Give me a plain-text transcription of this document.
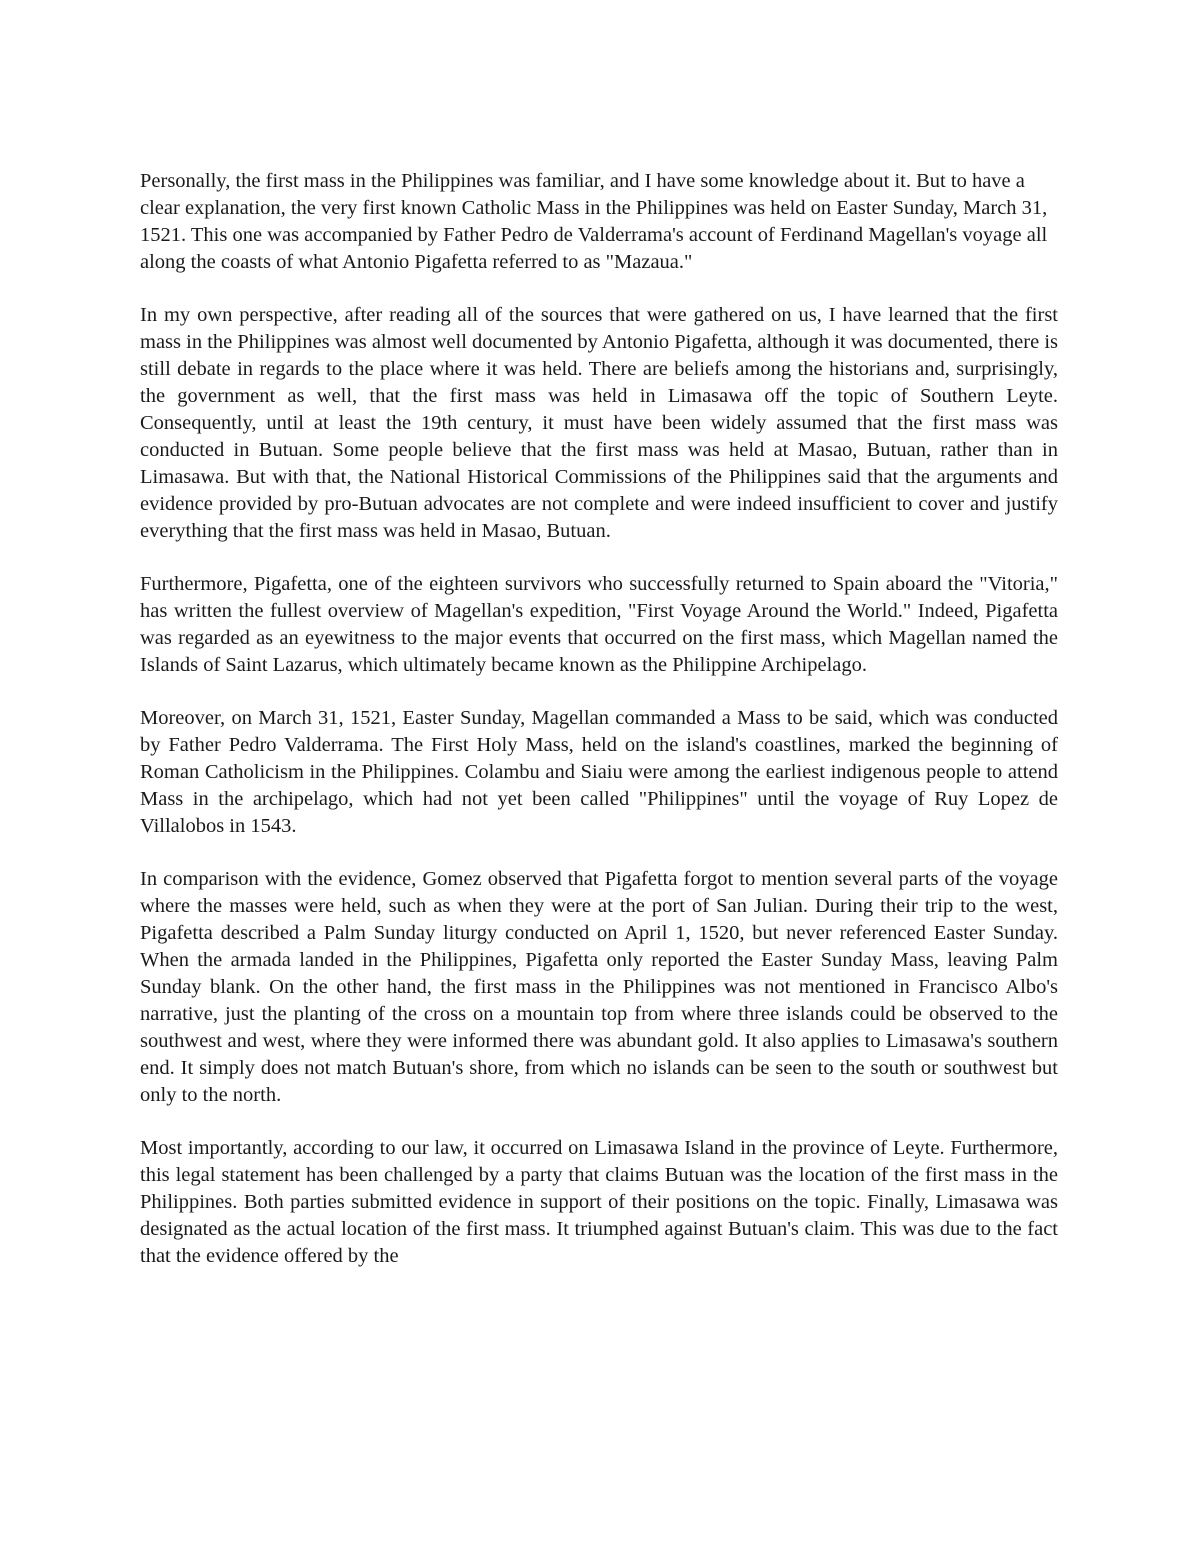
Personally, the first mass in the Philippines was familiar, and I have some knowledge about it. But to have a clear explanation, the very first known Catholic Mass in the Philippines was held on Easter Sunday, March 31, 1521. This one was accompanied by Father Pedro de Valderrama's account of Ferdinand Magellan's voyage all along the coasts of what Antonio Pigafetta referred to as "Mazaua."

In my own perspective, after reading all of the sources that were gathered on us, I have learned that the first mass in the Philippines was almost well documented by Antonio Pigafetta, although it was documented, there is still debate in regards to the place where it was held. There are beliefs among the historians and, surprisingly, the government as well, that the first mass was held in Limasawa off the topic of Southern Leyte. Consequently, until at least the 19th century, it must have been widely assumed that the first mass was conducted in Butuan. Some people believe that the first mass was held at Masao, Butuan, rather than in Limasawa. But with that, the National Historical Commissions of the Philippines said that the arguments and evidence provided by pro-Butuan advocates are not complete and were indeed insufficient to cover and justify everything that the first mass was held in Masao, Butuan.

Furthermore, Pigafetta, one of the eighteen survivors who successfully returned to Spain aboard the "Vitoria," has written the fullest overview of Magellan's expedition, "First Voyage Around the World." Indeed, Pigafetta was regarded as an eyewitness to the major events that occurred on the first mass, which Magellan named the Islands of Saint Lazarus, which ultimately became known as the Philippine Archipelago.

Moreover, on March 31, 1521, Easter Sunday, Magellan commanded a Mass to be said, which was conducted by Father Pedro Valderrama. The First Holy Mass, held on the island's coastlines, marked the beginning of Roman Catholicism in the Philippines. Colambu and Siaiu were among the earliest indigenous people to attend Mass in the archipelago, which had not yet been called "Philippines" until the voyage of Ruy Lopez de Villalobos in 1543.

In comparison with the evidence, Gomez observed that Pigafetta forgot to mention several parts of the voyage where the masses were held, such as when they were at the port of San Julian. During their trip to the west, Pigafetta described a Palm Sunday liturgy conducted on April 1, 1520, but never referenced Easter Sunday. When the armada landed in the Philippines, Pigafetta only reported the Easter Sunday Mass, leaving Palm Sunday blank. On the other hand, the first mass in the Philippines was not mentioned in Francisco Albo's narrative, just the planting of the cross on a mountain top from where three islands could be observed to the southwest and west, where they were informed there was abundant gold. It also applies to Limasawa's southern end. It simply does not match Butuan's shore, from which no islands can be seen to the south or southwest but only to the north.

Most importantly, according to our law, it occurred on Limasawa Island in the province of Leyte. Furthermore, this legal statement has been challenged by a party that claims Butuan was the location of the first mass in the Philippines. Both parties submitted evidence in support of their positions on the topic. Finally, Limasawa was designated as the actual location of the first mass. It triumphed against Butuan's claim. This was due to the fact that the evidence offered by the
